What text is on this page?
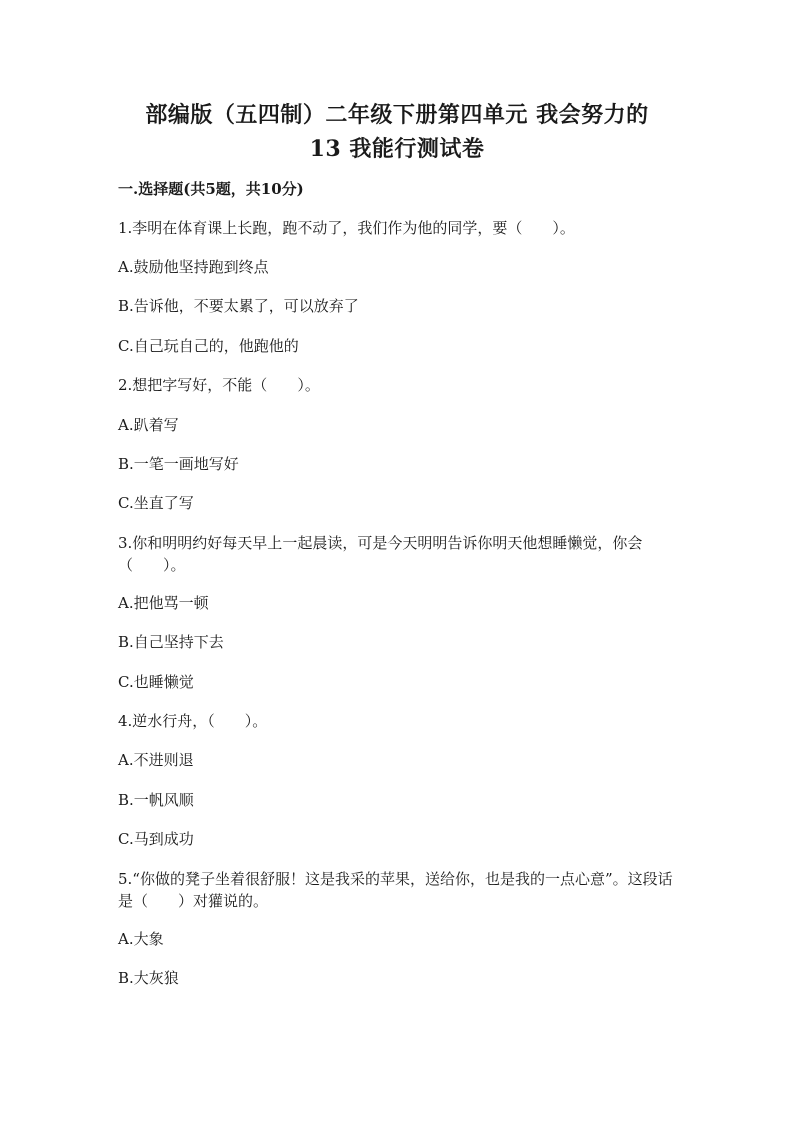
部编版（五四制）二年级下册第四单元 我会努力的
13 我能行测试卷
一.选择题(共5题，共10分)
1.李明在体育课上长跑，跑不动了，我们作为他的同学，要（　　）。
A.鼓励他坚持跑到终点
B.告诉他，不要太累了，可以放弃了
C.自己玩自己的，他跑他的
2.想把字写好，不能（　　）。
A.趴着写
B.一笔一画地写好
C.坐直了写
3.你和明明约好每天早上一起晨读，可是今天明明告诉你明天他想睡懒觉，你会（　　）。
A.把他骂一顿
B.自己坚持下去
C.也睡懒觉
4.逆水行舟，（　　）。
A.不进则退
B.一帆风顺
C.马到成功
5.“你做的凳子坐着很舒服！这是我采的苹果，送给你，也是我的一点心意”。这段话是（　　）对獾说的。
A.大象
B.大灰狼
